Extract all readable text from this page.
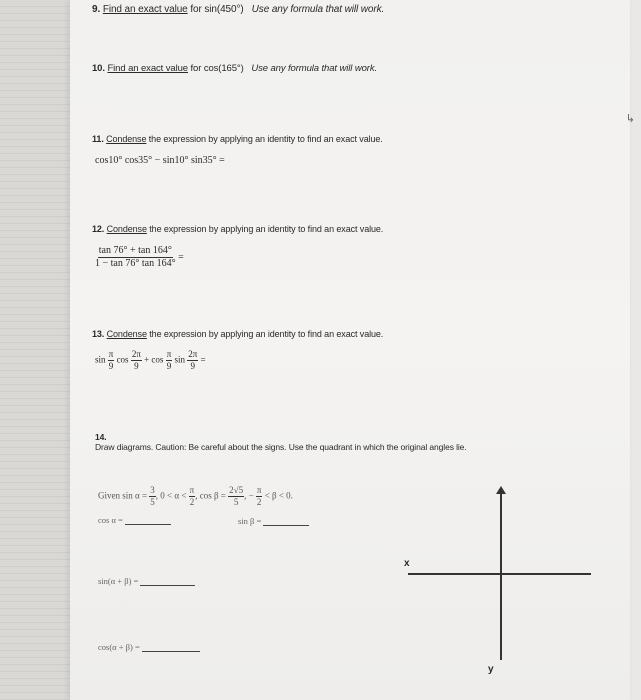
9. Find an exact value for sin(450°) Use any formula that will work.
10. Find an exact value for cos(165°) Use any formula that will work.
11. Condense the expression by applying an identity to find an exact value.
cos10° cos35° − sin10° sin35° =
12. Condense the expression by applying an identity to find an exact value.
$\frac{\tan 76^\circ + \tan 164^\circ}{1 - \tan 76^\circ \tan 164^\circ}$ =
13. Condense the expression by applying an identity to find an exact value.
$\sin \frac{\pi}{9}$ $\cos \frac{2\pi}{9} + \cos \frac{\pi}{9}$ $\sin \frac{2\pi}{9}$ =
14.
Draw diagrams. Caution: Be careful about the signs. Use the quadrant in which the original angles lie.
Given $\sin \alpha = \frac{3}{5}$ , $0 < \alpha < \frac{\pi}{2}$ , $\cos \beta = \frac{2√5}{5}$ , − $\frac{\pi}{2} < \beta < 0$.
cos α =	sin β =
sin(α + β) =
cos(α + β) =
x
y
↳
